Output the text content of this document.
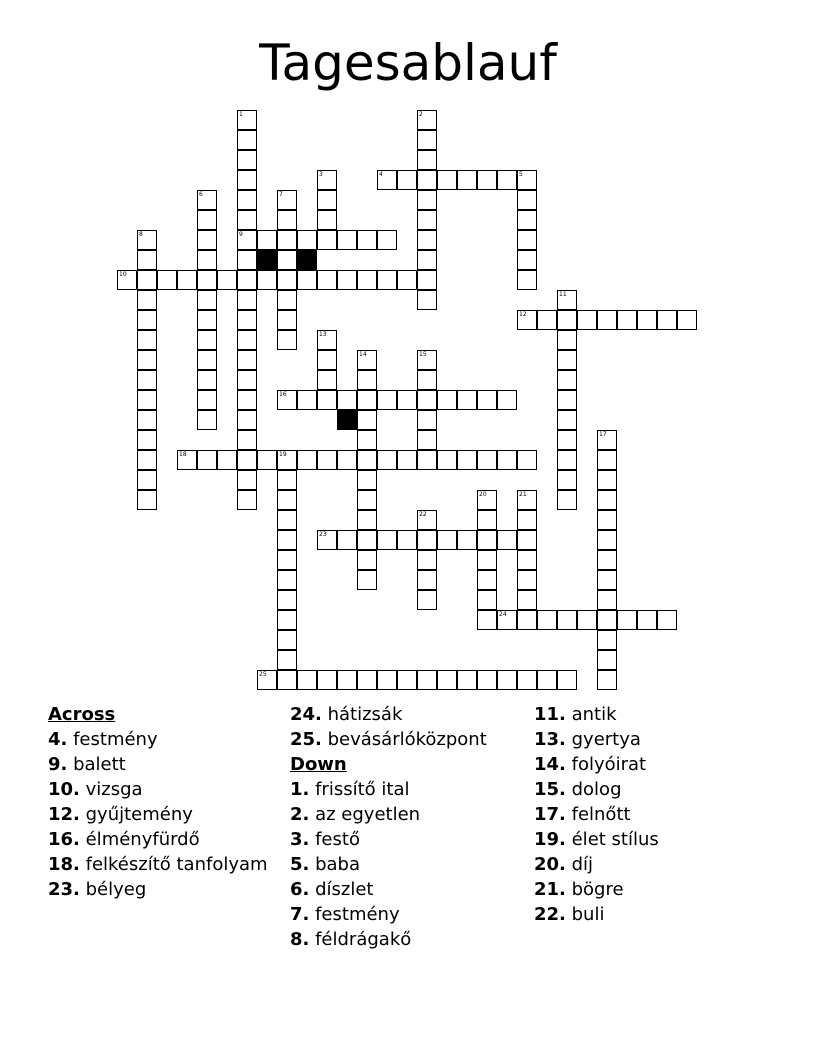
Tagesablauf
1
9
2
3	4	5
6	7
8
10
11
12
13
14	15
16
17
18	19
20	21
22
23
24
25
Across
4. festmény
9. balett
10. vizsga
12. gyűjtemény
16. élményfürdő
18. felkészítő tanfolyam
23. bélyeg
24. hátizsák
25. bevásárlóközpont
Down
1. frissítő ital
2. az egyetlen
3. festő
5. baba
6. díszlet
7. festmény
8. féldrágakő
11. antik
13. gyertya
14. folyóirat
15. dolog
17. felnőtt
19. élet stílus
20. díj
21. bögre
22. buli
